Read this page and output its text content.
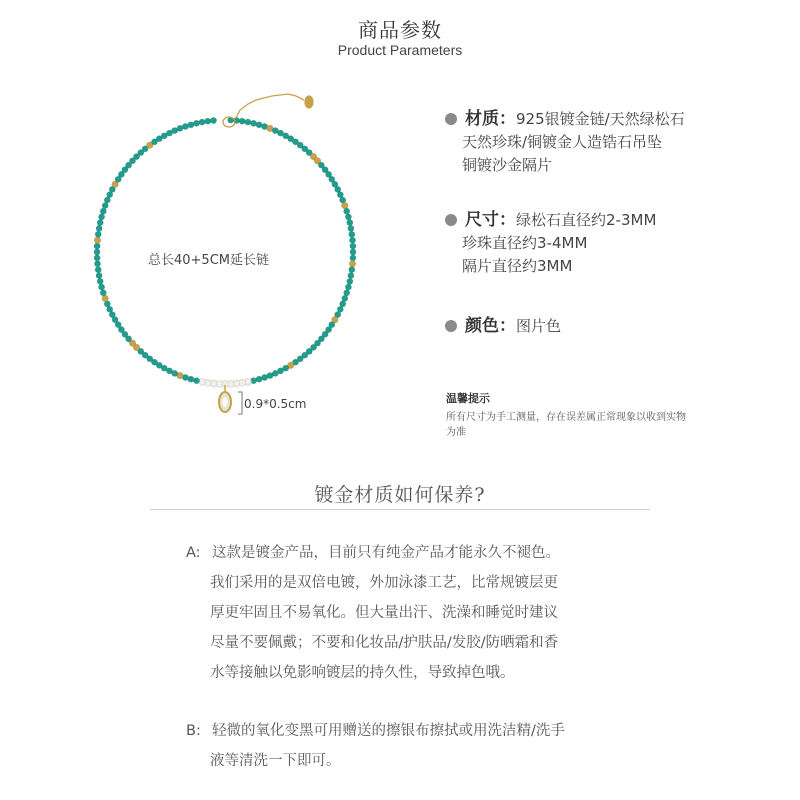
商品参数
Product Parameters
总长40+5CM延长链
0.9*0.5cm
材质：925银镀金链/天然绿松石
天然珍珠/铜镀金人造锆石吊坠
铜镀沙金隔片
尺寸：绿松石直径约2-3MM
珍珠直径约3-4MM
隔片直径约3MM
颜色：图片色
温馨提示
所有尺寸为手工测量，存在误差属正常现象以收到实物为准
镀金材质如何保养?
A: 这款是镀金产品，目前只有纯金产品才能永久不褪色。
我们采用的是双倍电镀，外加泳漆工艺，比常规镀层更
厚更牢固且不易氧化。但大量出汗、洗澡和睡觉时建议
尽量不要佩戴；不要和化妆品/护肤品/发胶/防晒霜和香
水等接触以免影响镀层的持久性，导致掉色哦。
B: 轻微的氧化变黑可用赠送的擦银布擦拭或用洗洁精/洗手
液等清洗一下即可。
